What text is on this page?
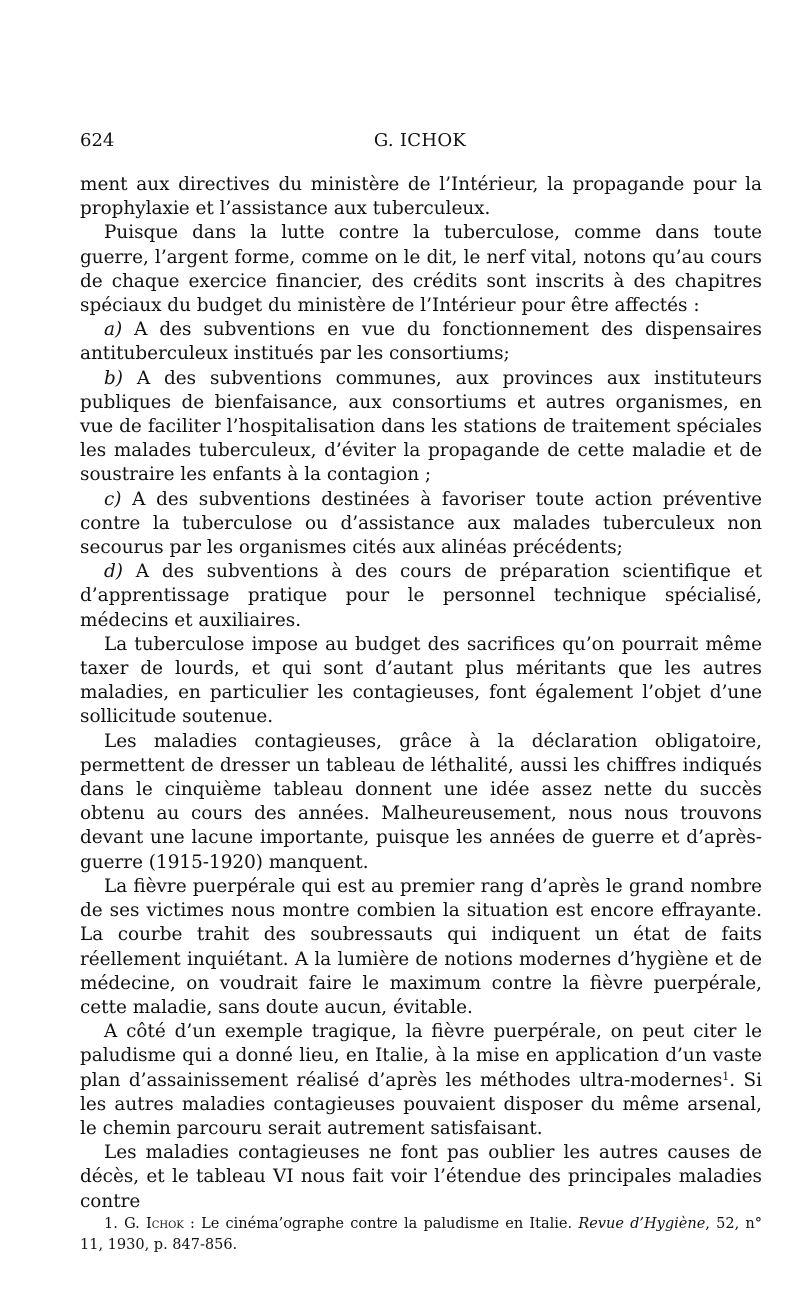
624	G. ICHOK

ment aux directives du ministère de l’Intérieur, la propagande pour la prophylaxie et l’assistance aux tuberculeux.

Puisque dans la lutte contre la tuberculose, comme dans toute guerre, l’argent forme, comme on le dit, le nerf vital, notons qu’au cours de chaque exercice financier, des crédits sont inscrits à des chapitres spéciaux du budget du ministère de l’Intérieur pour être affectés :

a) A des subventions en vue du fonctionnement des dispensaires antituberculeux institués par les consortiums;

b) A des subventions communes, aux provinces aux instituteurs publiques de bienfaisance, aux consortiums et autres organismes, en vue de faciliter l’hospitalisation dans les stations de traitement spéciales les malades tuberculeux, d’éviter la propagande de cette maladie et de soustraire les enfants à la contagion ;

c) A des subventions destinées à favoriser toute action préventive contre la tuberculose ou d’assistance aux malades tuberculeux non secourus par les organismes cités aux alinéas précédents;

d) A des subventions à des cours de préparation scientifique et d’apprentissage pratique pour le personnel technique spécialisé, médecins et auxiliaires.

La tuberculose impose au budget des sacrifices qu’on pourrait même taxer de lourds, et qui sont d’autant plus méritants que les autres maladies, en particulier les contagieuses, font également l’objet d’une sollicitude soutenue.

Les maladies contagieuses, grâce à la déclaration obligatoire, permettent de dresser un tableau de léthalité, aussi les chiffres indiqués dans le cinquième tableau donnent une idée assez nette du succès obtenu au cours des années. Malheureusement, nous nous trouvons devant une lacune importante, puisque les années de guerre et d’après-guerre (1915-1920) manquent.

La fièvre puerpérale qui est au premier rang d’après le grand nombre de ses victimes nous montre combien la situation est encore effrayante. La courbe trahit des soubressauts qui indiquent un état de faits réellement inquiétant. A la lumière de notions modernes d’hygiène et de médecine, on voudrait faire le maximum contre la fièvre puerpérale, cette maladie, sans doute aucun, évitable.

A côté d’un exemple tragique, la fièvre puerpérale, on peut citer le paludisme qui a donné lieu, en Italie, à la mise en application d’un vaste plan d’assainissement réalisé d’après les méthodes ultra-modernes$^1$. Si les autres maladies contagieuses pouvaient disposer du même arsenal, le chemin parcouru serait autrement satisfaisant.

Les maladies contagieuses ne font pas oublier les autres causes de décès, et le tableau VI nous fait voir l’étendue des principales maladies contre

1. G. Ichok : Le cinéma’ographe contre la paludisme en Italie. Revue d’Hygiène, 52, n° 11, 1930, p. 847-856.
